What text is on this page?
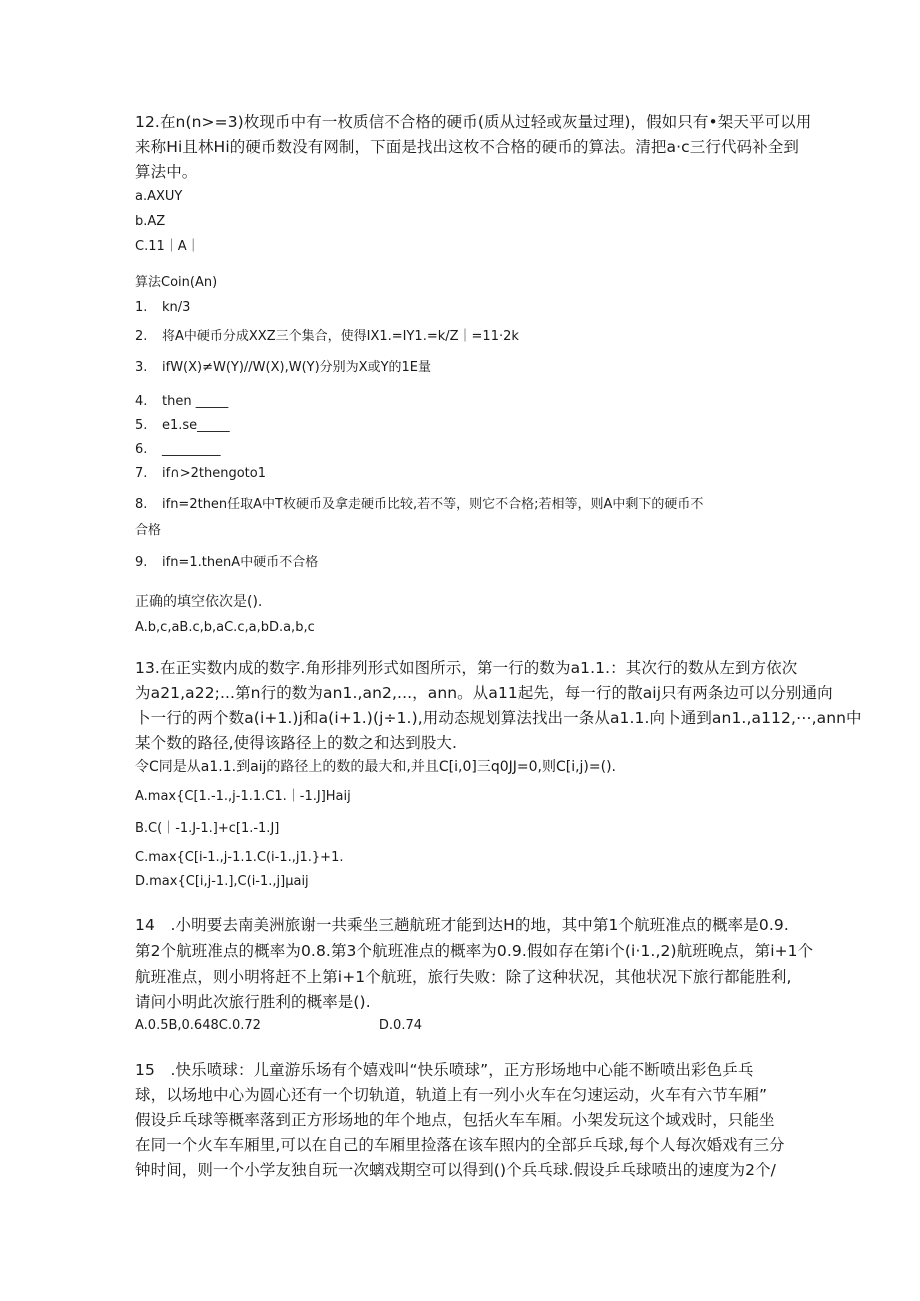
12.在n(n>=3)枚现币中有一枚质信不合格的硬币(质从过轻或灰量过理)，假如只有•架天平可以用
来称Hi且林Hi的硬币数没有网制，下面是找出这枚不合格的硬币的算法。清把a·c三行代码补全到
算法中。
a.AXUY
b.AZ
C.11｜A｜
算法Coin(An)
1. kn/3
2. 将A中硬币分成XXZ三个集合，使得IX1.=IY1.=k/Z｜=11·2k
3. ifW(X)≠W(Y)//W(X),W(Y)分别为X或Y的1E量
4. then _____
5. e1.se_____
6. _________
7. if∩>2thengoto1
8. ifn=2then任取A中T枚硬币及拿走硬币比较,若不等，则它不合格;若相等，则A中剩下的硬币不
合格
9. ifn=1.thenA中硬币不合格
正确的填空依次是().
A.b,c,aB.c,b,aC.c,a,bD.a,b,c
13.在正实数内成的数字.角形排列形式如图所示，第一行的数为a1.1.：其次行的数从左到方依次
为a21,a22;...第n行的数为an1.,an2,...，ann。从a11起先，每一行的散aij只有两条边可以分别通向
卜一行的两个数a(i+1.)j和a(i+1.)(j÷1.),用动态规划算法找出一条从a1.1.向卜通到an1.,a112,⋯,ann中
某个数的路径,使得该路径上的数之和达到股大.
令C同是从a1.1.到aij的路径上的数的最大和,并且C[i,0]三q0JJ=0,则C[i,j)=().
A.max{C[1.-1.,j-1.1.C1.｜-1.J]Haij
B.C(｜-1.J-1.]+c[1.-1.J]
C.max{C[i-1.,j-1.1.C(i-1.,j1.}+1.
D.max{C[i,j-1.],C(i-1.,j]µaij
14　.小明要去南美洲旅谢一共乘坐三趟航班才能到达H的地，其中第1个航班准点的概率是0.9.
第2个航班准点的概率为0.8.第3个航班准点的概率为0.9.假如存在第i个(i·1.,2)航班晚点，第i+1个
航班准点，则小明将赶不上第i+1个航班，旅行失败：除了这种状况，其他状况下旅行都能胜利,
请问小明此次旅行胜利的概率是().
A.0.5B,0.648C.0.72	D.0.74
15　.快乐喷球：儿童游乐场有个嬉戏叫“快乐喷球”，正方形场地中心能不断喷出彩色乒乓
球，以场地中心为圆心还有一个切轨道，轨道上有一列小火车在匀速运动，火车有六节车厢”
假设乒乓球等概率落到正方形场地的年个地点，包括火车车厢。小架发玩这个域戏时，只能坐
在同一个火车车厢里,可以在自己的车厢里捡落在该车照内的全部乒乓球,每个人每次婚戏有三分
钟时间，则一个小学友独自玩一次螭戏期空可以得到()个兵乓球.假设乒乓球喷出的速度为2个/
